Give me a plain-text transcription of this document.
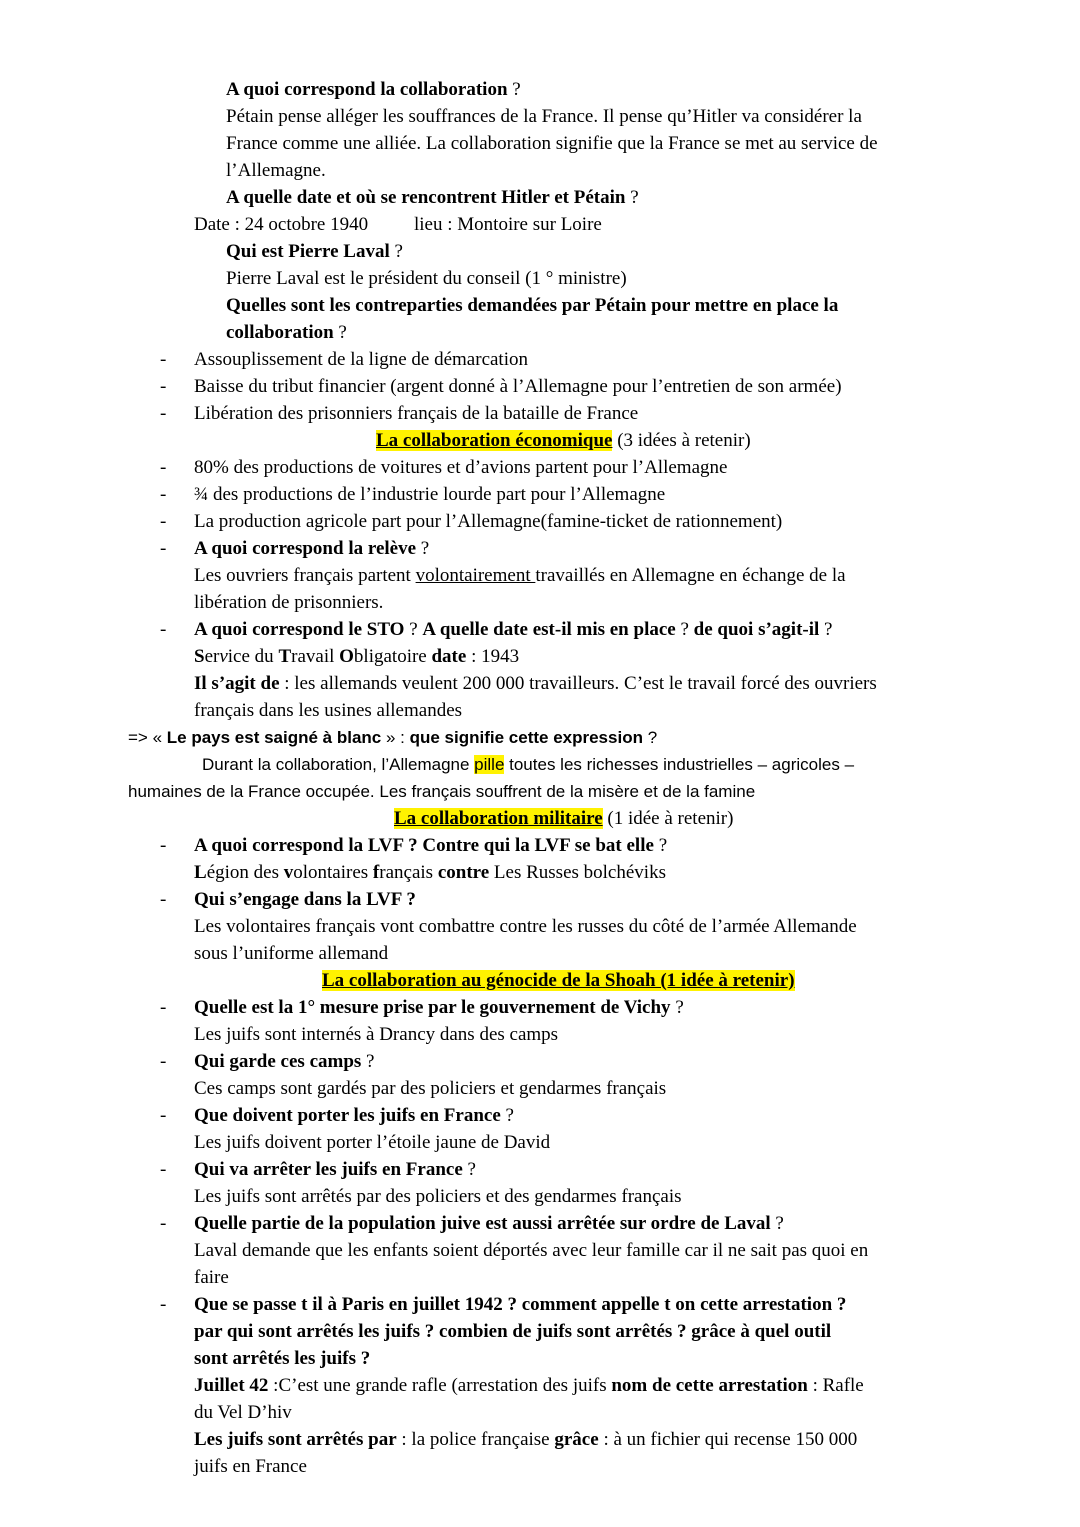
A quoi correspond la collaboration ?
Pétain pense alléger les souffrances de la France. Il pense qu’Hitler va considérer la
France comme une alliée. La collaboration signifie que la France se met au service de
l’Allemagne.
A quelle date et où se rencontrent Hitler et Pétain ?
Date : 24 octobre 1940 lieu : Montoire sur Loire
Qui est Pierre Laval ?
Pierre Laval est le président du conseil (1 ° ministre)
Quelles sont les contreparties demandées par Pétain pour mettre en place la
collaboration ?
- Assouplissement de la ligne de démarcation
- Baisse du tribut financier (argent donné à l’Allemagne pour l’entretien de son armée)
- Libération des prisonniers français de la bataille de France
La collaboration économique (3 idées à retenir)
- 80% des productions de voitures et d’avions partent pour l’Allemagne
- ¾ des productions de l’industrie lourde part pour l’Allemagne
- La production agricole part pour l’Allemagne(famine-ticket de rationnement)
- A quoi correspond la relève ?
Les ouvriers français partent volontairement travaillés en Allemagne en échange de la
libération de prisonniers.
- A quoi correspond le STO ? A quelle date est-il mis en place ? de quoi s’agit-il ?
Service du Travail Obligatoire date : 1943
Il s’agit de : les allemands veulent 200 000 travailleurs. C’est le travail forcé des ouvriers
français dans les usines allemandes
=> « Le pays est saigné à blanc » : que signifie cette expression ?
Durant la collaboration, l’Allemagne pille toutes les richesses industrielles – agricoles –
humaines de la France occupée. Les français souffrent de la misère et de la famine
La collaboration militaire (1 idée à retenir)
- A quoi correspond la LVF ? Contre qui la LVF se bat elle ?
Légion des volontaires français contre Les Russes bolchéviks
- Qui s’engage dans la LVF ?
Les volontaires français vont combattre contre les russes du côté de l’armée Allemande
sous l’uniforme allemand
La collaboration au génocide de la Shoah (1 idée à retenir)
- Quelle est la 1° mesure prise par le gouvernement de Vichy ?
Les juifs sont internés à Drancy dans des camps
- Qui garde ces camps ?
Ces camps sont gardés par des policiers et gendarmes français
- Que doivent porter les juifs en France ?
Les juifs doivent porter l’étoile jaune de David
- Qui va arrêter les juifs en France ?
Les juifs sont arrêtés par des policiers et des gendarmes français
- Quelle partie de la population juive est aussi arrêtée sur ordre de Laval ?
Laval demande que les enfants soient déportés avec leur famille car il ne sait pas quoi en
faire
- Que se passe t il à Paris en juillet 1942 ? comment appelle t on cette arrestation ?
par qui sont arrêtés les juifs ? combien de juifs sont arrêtés ? grâce à quel outil
sont arrêtés les juifs ?
Juillet 42 :C’est une grande rafle (arrestation des juifs nom de cette arrestation : Rafle
du Vel D’hiv
Les juifs sont arrêtés par : la police française grâce : à un fichier qui recense 150 000
juifs en France
